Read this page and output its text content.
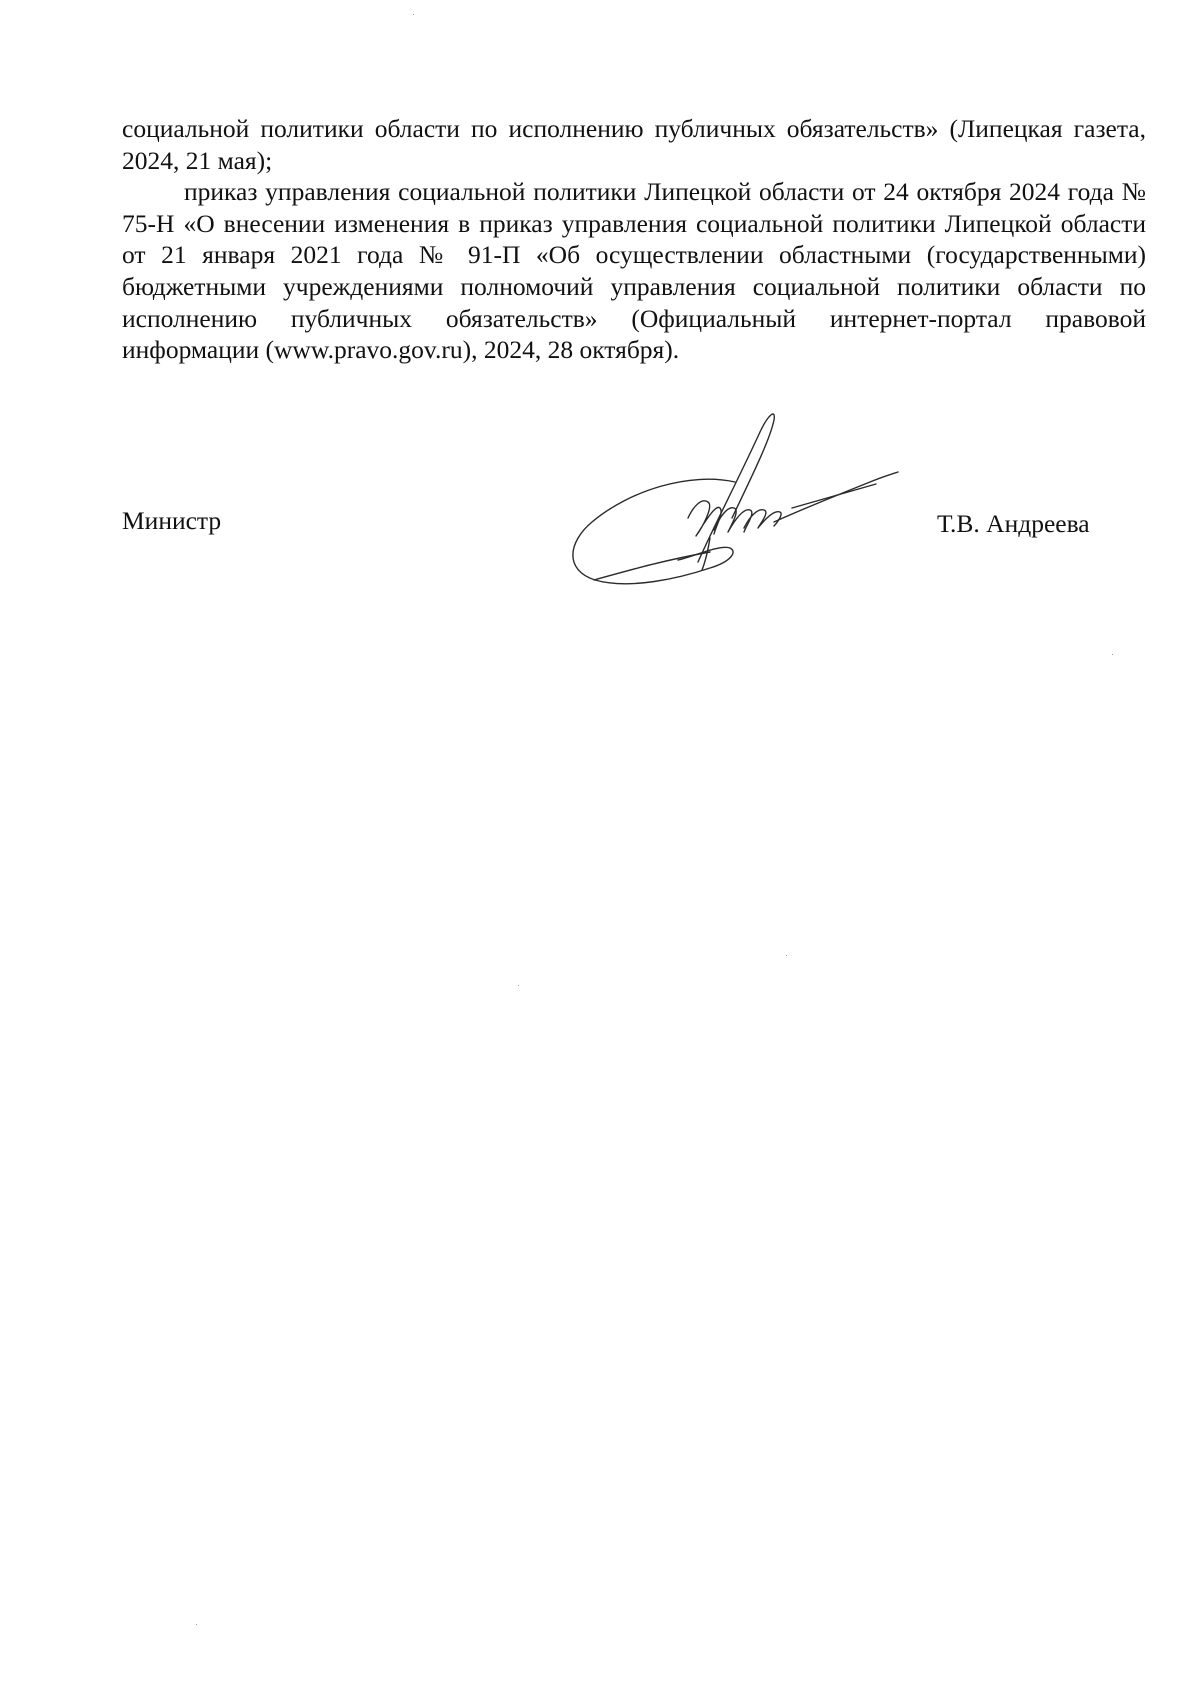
социальной политики области по исполнению публичных обязательств» (Липецкая газета, 2024, 21 мая);

приказ управления социальной политики Липецкой области от 24 октября 2024 года № 75-Н «О внесении изменения в приказ управления социальной политики Липецкой области от 21 января 2021 года № 91-П «Об осуществлении областными (государственными) бюджетными учреждениями полномочий управления социальной политики области по исполнению публичных обязательств» (Официальный интернет-портал правовой информации (www.pravo.gov.ru), 2024, 28 октября).

Министр	Т.В. Андреева
